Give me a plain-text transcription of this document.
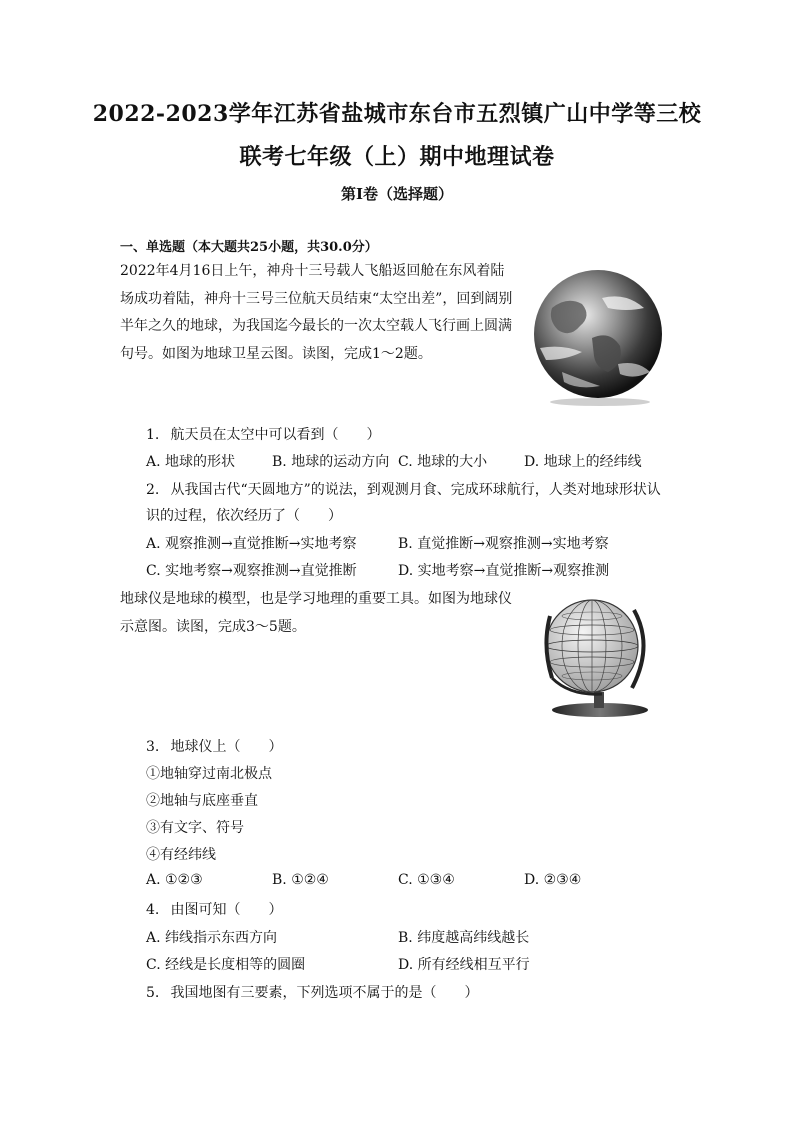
2022-2023学年江苏省盐城市东台市五烈镇广山中学等三校
联考七年级（上）期中地理试卷
第Ⅰ卷（选择题）
一、单选题（本大题共25小题，共30.0分）
2022年4月16日上午，神舟十三号载人飞船返回舱在东风着陆
场成功着陆，神舟十三号三位航天员结束“太空出差”，回到阔别
半年之久的地球，为我国迄今最长的一次太空载人飞行画上圆满
句号。如图为地球卫星云图。读图，完成1～2题。
1. 航天员在太空中可以看到（　　）
A. 地球的形状	B. 地球的运动方向 C. 地球的大小	D. 地球上的经纬线
2. 从我国古代“天圆地方”的说法，到观测月食、完成环球航行，人类对地球形状认
识的过程，依次经历了（　　）
A. 观察推测→直觉推断→实地考察	B. 直觉推断→观察推测→实地考察
C. 实地考察→观察推测→直觉推断	D. 实地考察→直觉推断→观察推测
地球仪是地球的模型，也是学习地理的重要工具。如图为地球仪
示意图。读图，完成3～5题。
3. 地球仪上（　　）
①地轴穿过南北极点
②地轴与底座垂直
③有文字、符号
④有经纬线
A. ①②③	B. ①②④	C. ①③④	D. ②③④
4. 由图可知（　　）
A. 纬线指示东西方向	B. 纬度越高纬线越长
C. 经线是长度相等的圆圈	D. 所有经线相互平行
5. 我国地图有三要素，下列选项不属于的是（　　）
